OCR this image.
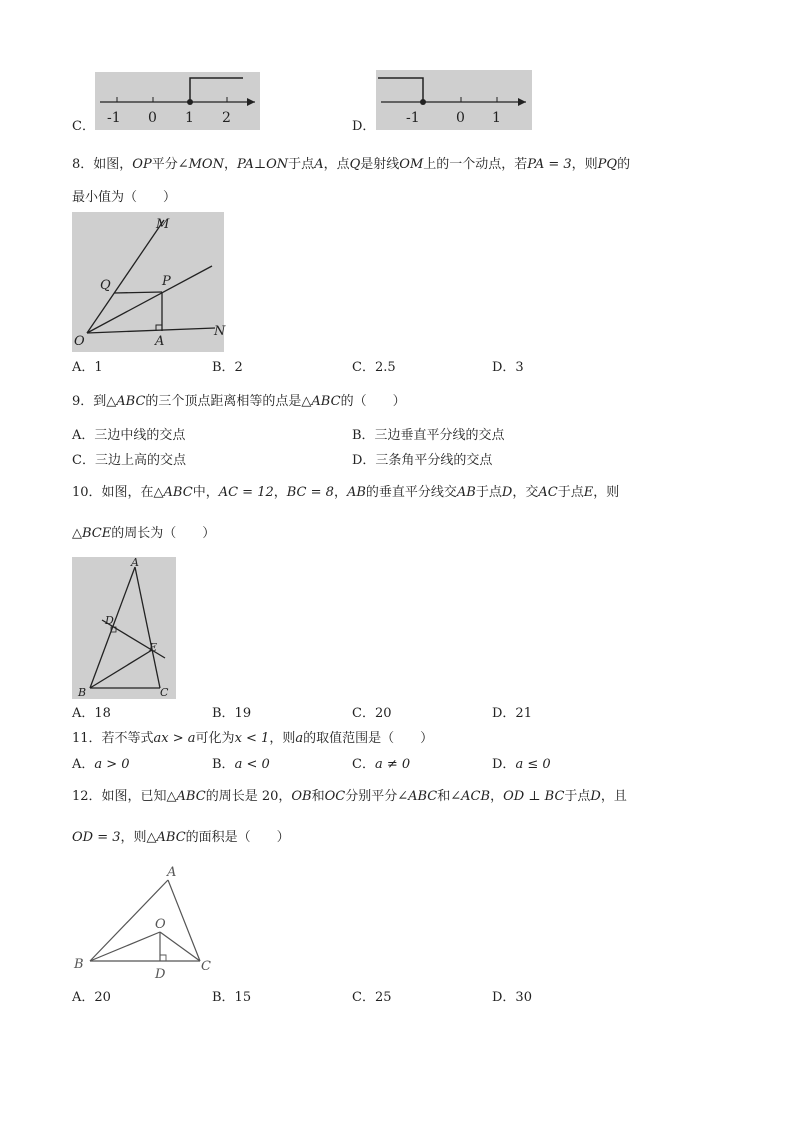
C．
-1 0 1 2
D．
-1	0 1
8．如图，OP平分∠MON，PA⊥ON于点A，点Q是射线OM上的一个动点，若PA = 3，则PQ的
最小值为（　　）
M
Q	P
O	A
N
A．1	B．2	C．2.5	D．3
9．到△ABC的三个顶点距离相等的点是△ABC的（　　）
A．三边中线的交点	B．三边垂直平分线的交点
C．三边上高的交点	D．三条角平分线的交点
10．如图，在△ABC中，AC = 12，BC = 8，AB的垂直平分线交AB于点D，交AC于点E，则
△BCE的周长为（　　）
A
D
E
B	C
A．18	B．19	C．20	D．21
11．若不等式ax > a可化为x < 1，则a的取值范围是（　　）
A．a > 0	B．a < 0	C．a ≠ 0	D．a ≤ 0
12．如图，已知△ABC的周长是 20，OB和OC分别平分∠ABC和∠ACB，OD ⊥ BC于点D，且
OD = 3，则△ABC的面积是（　　）
A
O
B
D
C
A．20	B．15	C．25	D．30
